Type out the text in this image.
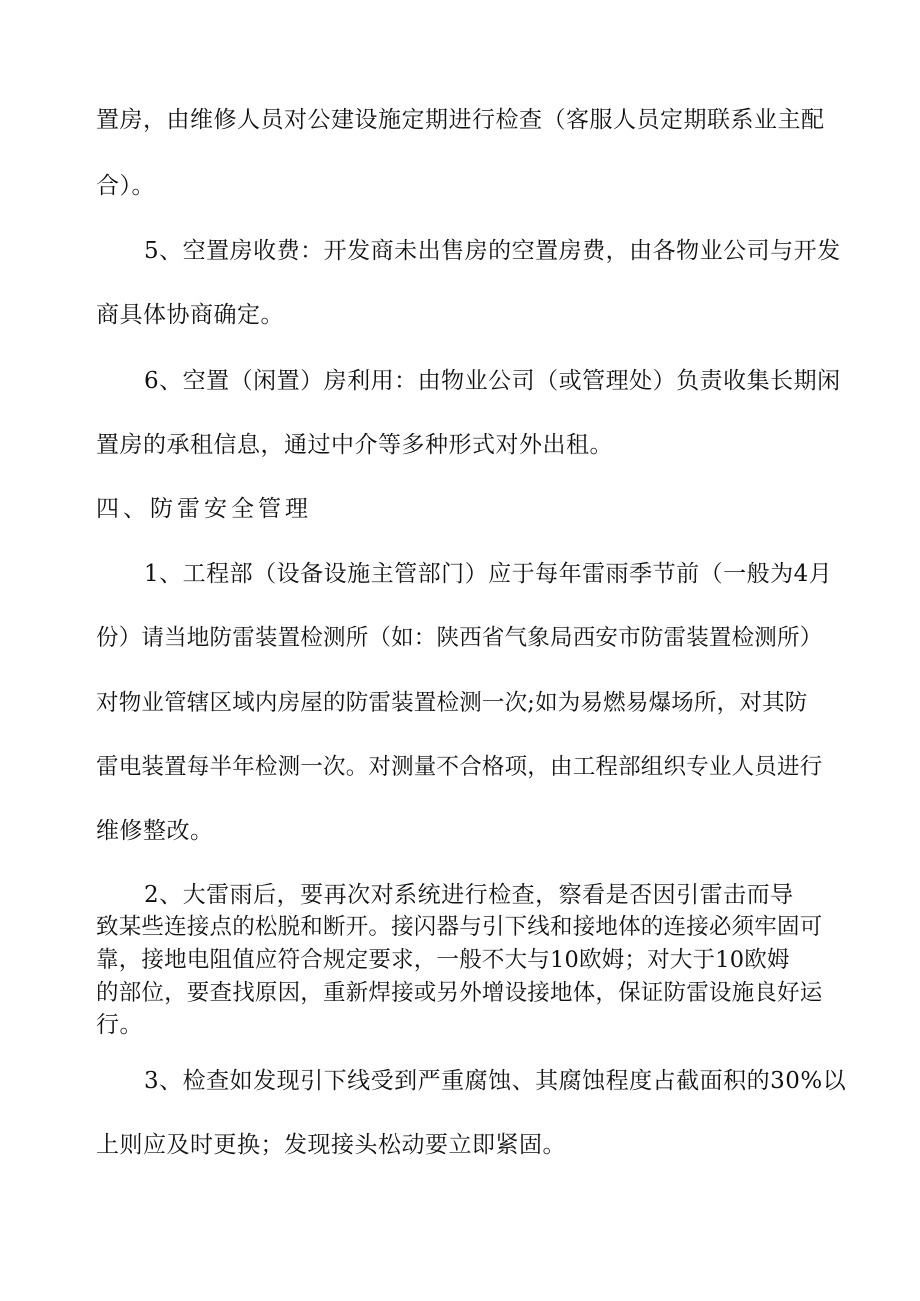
置房，由维修人员对公建设施定期进行检查（客服人员定期联系业主配
合）。
5、空置房收费：开发商未出售房的空置房费，由各物业公司与开发
商具体协商确定。
6、空置（闲置）房利用：由物业公司（或管理处）负责收集长期闲
置房的承租信息，通过中介等多种形式对外出租。
四、防雷安全管理
1、工程部（设备设施主管部门）应于每年雷雨季节前（一般为4月
份）请当地防雷装置检测所（如：陕西省气象局西安市防雷装置检测所）
对物业管辖区域内房屋的防雷装置检测一次;如为易燃易爆场所，对其防
雷电装置每半年检测一次。对测量不合格项，由工程部组织专业人员进行
维修整改。
2、大雷雨后，要再次对系统进行检查，察看是否因引雷击而导
致某些连接点的松脱和断开。接闪器与引下线和接地体的连接必须牢固可
靠，接地电阻值应符合规定要求，一般不大与10欧姆；对大于10欧姆
的部位，要查找原因，重新焊接或另外增设接地体，保证防雷设施良好运
行。
3、检查如发现引下线受到严重腐蚀、其腐蚀程度占截面积的30%以
上则应及时更换；发现接头松动要立即紧固。
